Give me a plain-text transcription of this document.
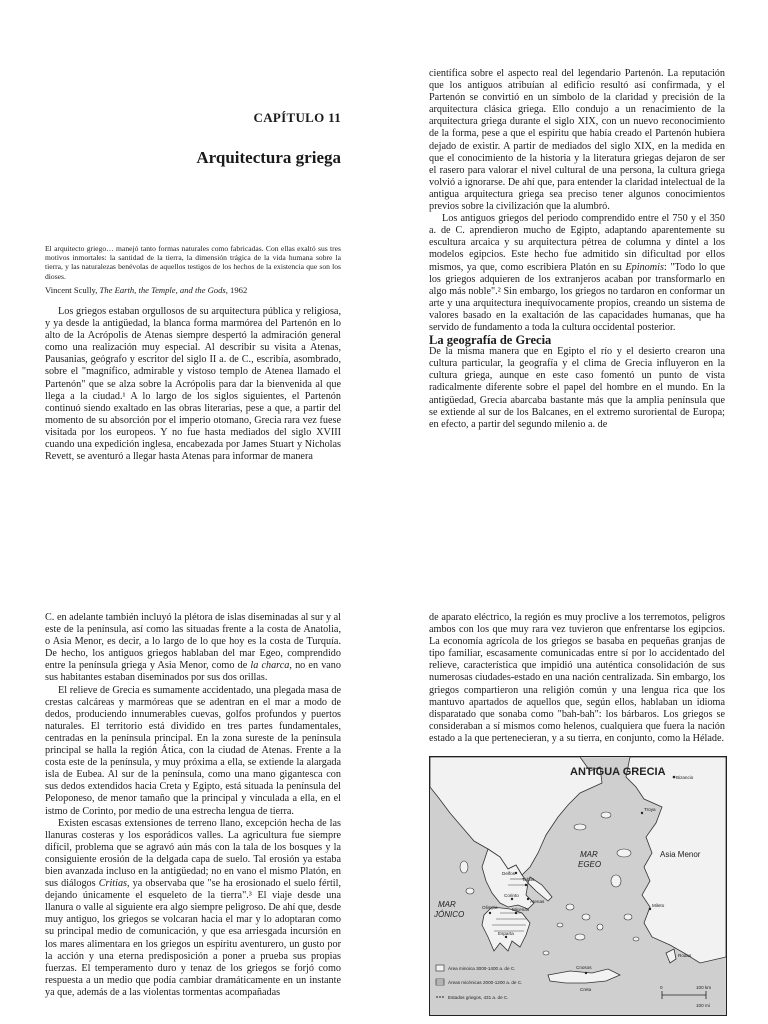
CAPÍTULO 11
Arquitectura griega
El arquitecto griego… manejó tanto formas naturales como fabricadas. Con ellas exaltó sus tres motivos inmortales: la santidad de la tierra, la dimensión trágica de la vida humana sobre la tierra, y las naturalezas benévolas de aquellos testigos de los hechos de la existencia que son los dioses.
Vincent Scully, The Earth, the Temple, and the Gods, 1962

Los griegos estaban orgullosos de su arquitectura pública y religiosa, y ya desde la antigüedad, la blanca forma marmórea del Partenón en lo alto de la Acrópolis de Atenas siempre despertó la admiración general como una realización muy especial. Al describir su visita a Atenas, Pausanias, geógrafo y escritor del siglo II a. de C., escribía, asombrado, sobre el "magnífico, admirable y vistoso templo de Atenea llamado el Partenón" que se alza sobre la Acrópolis para dar la bienvenida al que llega a la ciudad.¹ A lo largo de los siglos siguientes, el Partenón continuó siendo exaltado en las obras literarias, pese a que, a partir del momento de su absorción por el imperio otomano, Grecia rara vez fuese visitada por los europeos. Y no fue hasta mediados del siglo XVIII cuando una expedición inglesa, encabezada por James Stuart y Nicholas Revett, se aventuró a llegar hasta Atenas para informar de manera

científica sobre el aspecto real del legendario Partenón. La reputación que los antiguos atribuían al edificio resultó así confirmada, y el Partenón se convirtió en un símbolo de la claridad y precisión de la arquitectura clásica griega. Ello condujo a un renacimiento de la arquitectura griega durante el siglo XIX, con un nuevo reconocimiento de la forma, pese a que el espíritu que había creado el Partenón hubiera dejado de existir. A partir de mediados del siglo XIX, en la medida en que el conocimiento de la historia y la literatura griegas dejaron de ser el rasero para valorar el nivel cultural de una persona, la cultura griega volvió a ignorarse. De ahí que, para entender la claridad intelectual de la antigua arquitectura griega sea preciso tener algunos conocimientos previos sobre la civilización que la alumbró.

Los antiguos griegos del periodo comprendido entre el 750 y el 350 a. de C. aprendieron mucho de Egipto, adaptando aparentemente su escultura arcaica y su arquitectura pétrea de columna y dintel a los modelos egipcios. Este hecho fue admitido sin dificultad por ellos mismos, ya que, como escribiera Platón en su Epinomis: "Todo lo que los griegos adquieren de los extranjeros acaban por transformarlo en algo más noble".² Sin embargo, los griegos no tardaron en conformar un arte y una arquitectura inequívocamente propios, creando un sistema de valores basado en la exaltación de las capacidades humanas, que ha servido de fundamento a toda la cultura occidental posterior.

La geografía de Grecia

De la misma manera que en Egipto el río y el desierto crearon una cultura particular, la geografía y el clima de Grecia influyeron en la cultura griega, aunque en este caso fomentó un punto de vista radicalmente diferente sobre el papel del hombre en el mundo. En la antigüedad, Grecia abarcaba bastante más que la amplia península que se extiende al sur de los Balcanes, en el extremo suroriental de Europa; en efecto, a partir del segundo milenio a. de

C. en adelante también incluyó la plétora de islas diseminadas al sur y al este de la península, así como las situadas frente a la costa de Anatolia, o Asia Menor, es decir, a lo largo de lo que hoy es la costa de Turquía. De hecho, los antiguos griegos hablaban del mar Egeo, comprendido entre la península griega y Asia Menor, como de la charca, no en vano sus habitantes estaban diseminados por sus dos orillas.

El relieve de Grecia es sumamente accidentado, una plegada masa de crestas calcáreas y marmóreas que se adentran en el mar a modo de dedos, produciendo innumerables cuevas, golfos profundos y puertos naturales. El territorio está dividido en tres partes fundamentales, centradas en la península principal. En la zona sureste de la península principal se halla la región Ática, con la ciudad de Atenas. Frente a la costa este de la península, y muy próxima a ella, se extiende la alargada isla de Eubea. Al sur de la península, como una mano gigantesca con sus dedos extendidos hacia Creta y Egipto, está situada la península del Peloponeso, de menor tamaño que la principal y vinculada a ella, en el istmo de Corinto, por medio de una estrecha lengua de tierra.

Existen escasas extensiones de terreno llano, excepción hecha de las llanuras costeras y los esporádicos valles. La agricultura fue siempre difícil, problema que se agravó aún más con la tala de los bosques y la consiguiente erosión de la delgada capa de suelo. Tal erosión ya estaba bien avanzada incluso en la antigüedad; no en vano el mismo Platón, en sus diálogos Critias, ya observaba que "se ha erosionado el suelo fértil, dejando únicamente el esqueleto de la tierra".³ El viaje desde una llanura o valle al siguiente era algo siempre peligroso. De ahí que, desde muy antiguo, los griegos se volcaran hacia el mar y lo adoptaran como su principal medio de comunicación, y que esa arriesgada incursión en los mares alimentara en los griegos un espíritu aventurero, un gusto por la acción y una eterna predisposición a poner a prueba sus propias fuerzas. El temperamento duro y tenaz de los griegos se forjó como respuesta a un medio que podía cambiar dramáticamente en un instante ya que, además de a las violentas tormentas acompañadas

de aparato eléctrico, la región es muy proclive a los terremotos, peligros ambos con los que muy rara vez tuvieron que enfrentarse los egipcios. La economía agrícola de los griegos se basaba en pequeñas granjas de tipo familiar, escasamente comunicadas entre sí por lo accidentado del relieve, característica que impidió una auténtica consolidación de sus numerosas ciudades-estado en una nación centralizada. Sin embargo, los griegos compartieron una religión común y una lengua rica que los mantuvo apartados de aquellos que, según ellos, hablaban un idioma disparatado que sonaba como "bah-bah": los bárbaros. Los griegos se consideraban a sí mismos como helenos, cualquiera que fuera la nación estado a la que pertenecieran, y a su tierra, en conjunto, como la Hélade.

ANTIGUA GRECIA
MAR
EGEO
MAR
JÓNICO
Asia Menor
Bizancio
Delfos
Tebas
Atenas
Corinto
Micenas
Olimpia
Esparta
Mileto
Cnosos
Creta
Rodas
Troya
Área minoica 3000-1400 a. de C.
Áreas micénicas 2000-1200 a. de C.
Estados griegos, 431 a. de C.
0	100 km
100 mi
